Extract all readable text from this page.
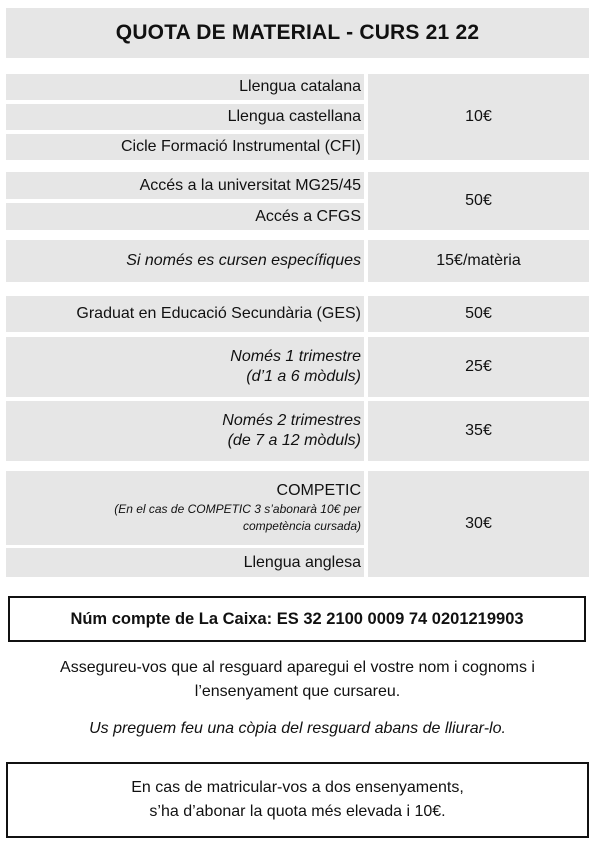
QUOTA DE MATERIAL - CURS 21 22
Llengua catalana
Llengua castellana
Cicle Formació Instrumental (CFI)
10€
Accés a la universitat MG25/45
Accés a CFGS
50€
Si només es cursen específiques	15€/matèria
Graduat en Educació Secundària (GES)	50€
Només 1 trimestre
(d’1 a 6 mòduls)
25€
Només 2 trimestres
(de 7 a 12 mòduls)
35€
COMPETIC
(En el cas de COMPETIC 3 s’abonarà 10€ per
competència cursada)
Llengua anglesa
30€
Núm compte de La Caixa: ES 32 2100 0009 74 0201219903
Assegureu-vos que al resguard aparegui el vostre nom i cognoms i
l’ensenyament que cursareu.
Us preguem feu una còpia del resguard abans de lliurar-lo.
En cas de matricular-vos a dos ensenyaments,
s’ha d’abonar la quota més elevada i 10€.
